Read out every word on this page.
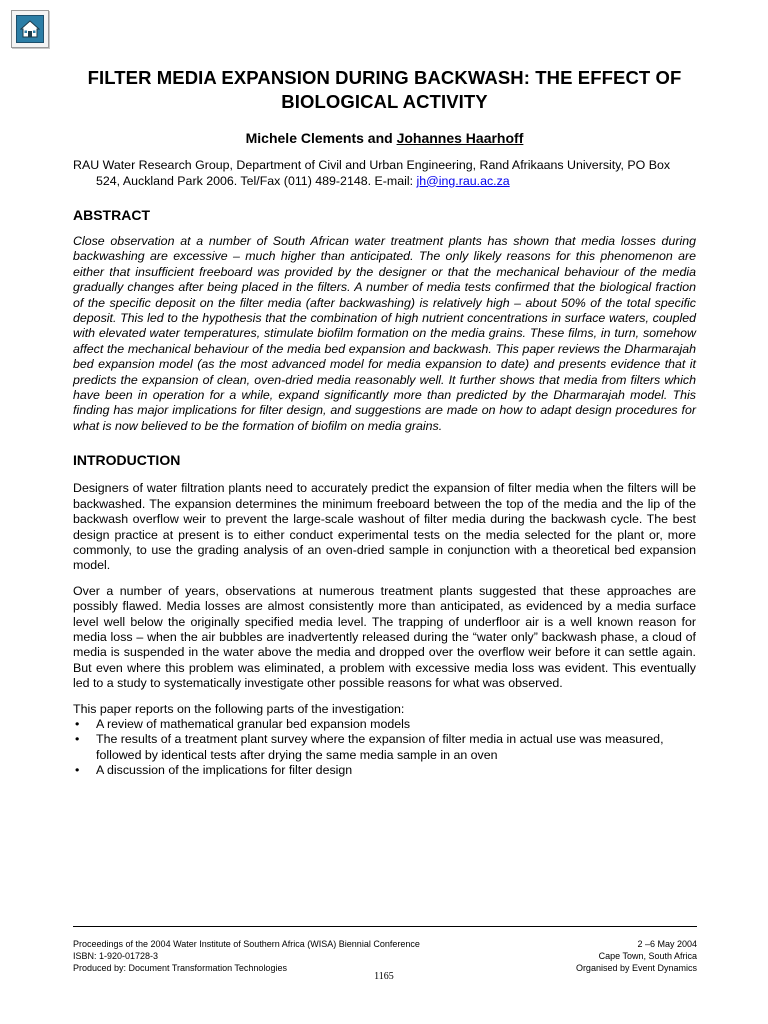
FILTER MEDIA EXPANSION DURING BACKWASH: THE EFFECT OF BIOLOGICAL ACTIVITY
Michele Clements and Johannes Haarhoff
RAU Water Research Group, Department of Civil and Urban Engineering, Rand Afrikaans University, PO Box 524, Auckland Park 2006. Tel/Fax (011) 489-2148. E-mail: jh@ing.rau.ac.za
ABSTRACT
Close observation at a number of South African water treatment plants has shown that media losses during backwashing are excessive – much higher than anticipated. The only likely reasons for this phenomenon are either that insufficient freeboard was provided by the designer or that the mechanical behaviour of the media gradually changes after being placed in the filters. A number of media tests confirmed that the biological fraction of the specific deposit on the filter media (after backwashing) is relatively high – about 50% of the total specific deposit. This led to the hypothesis that the combination of high nutrient concentrations in surface waters, coupled with elevated water temperatures, stimulate biofilm formation on the media grains. These films, in turn, somehow affect the mechanical behaviour of the media bed expansion and backwash. This paper reviews the Dharmarajah bed expansion model (as the most advanced model for media expansion to date) and presents evidence that it predicts the expansion of clean, oven-dried media reasonably well. It further shows that media from filters which have been in operation for a while, expand significantly more than predicted by the Dharmarajah model. This finding has major implications for filter design, and suggestions are made on how to adapt design procedures for what is now believed to be the formation of biofilm on media grains.
INTRODUCTION

Designers of water filtration plants need to accurately predict the expansion of filter media when the filters will be backwashed. The expansion determines the minimum freeboard between the top of the media and the lip of the backwash overflow weir to prevent the large-scale washout of filter media during the backwash cycle. The best design practice at present is to either conduct experimental tests on the media selected for the plant or, more commonly, to use the grading analysis of an oven-dried sample in conjunction with a theoretical bed expansion model.

Over a number of years, observations at numerous treatment plants suggested that these approaches are possibly flawed. Media losses are almost consistently more than anticipated, as evidenced by a media surface level well below the originally specified media level. The trapping of underfloor air is a well known reason for media loss – when the air bubbles are inadvertently released during the “water only” backwash phase, a cloud of media is suspended in the water above the media and dropped over the overflow weir before it can settle again. But even where this problem was eliminated, a problem with excessive media loss was evident. This eventually led to a study to systematically investigate other possible reasons for what was observed.

This paper reports on the following parts of the investigation:

• A review of mathematical granular bed expansion models
• The results of a treatment plant survey where the expansion of filter media in actual use was measured, followed by identical tests after drying the same media sample in an oven
• A discussion of the implications for filter design
Proceedings of the 2004 Water Institute of Southern Africa (WISA) Biennial Conference	2 –6 May 2004
ISBN: 1-920-01728-3	Cape Town, South Africa
Produced by: Document Transformation Technologies	Organised by Event Dynamics
1165
